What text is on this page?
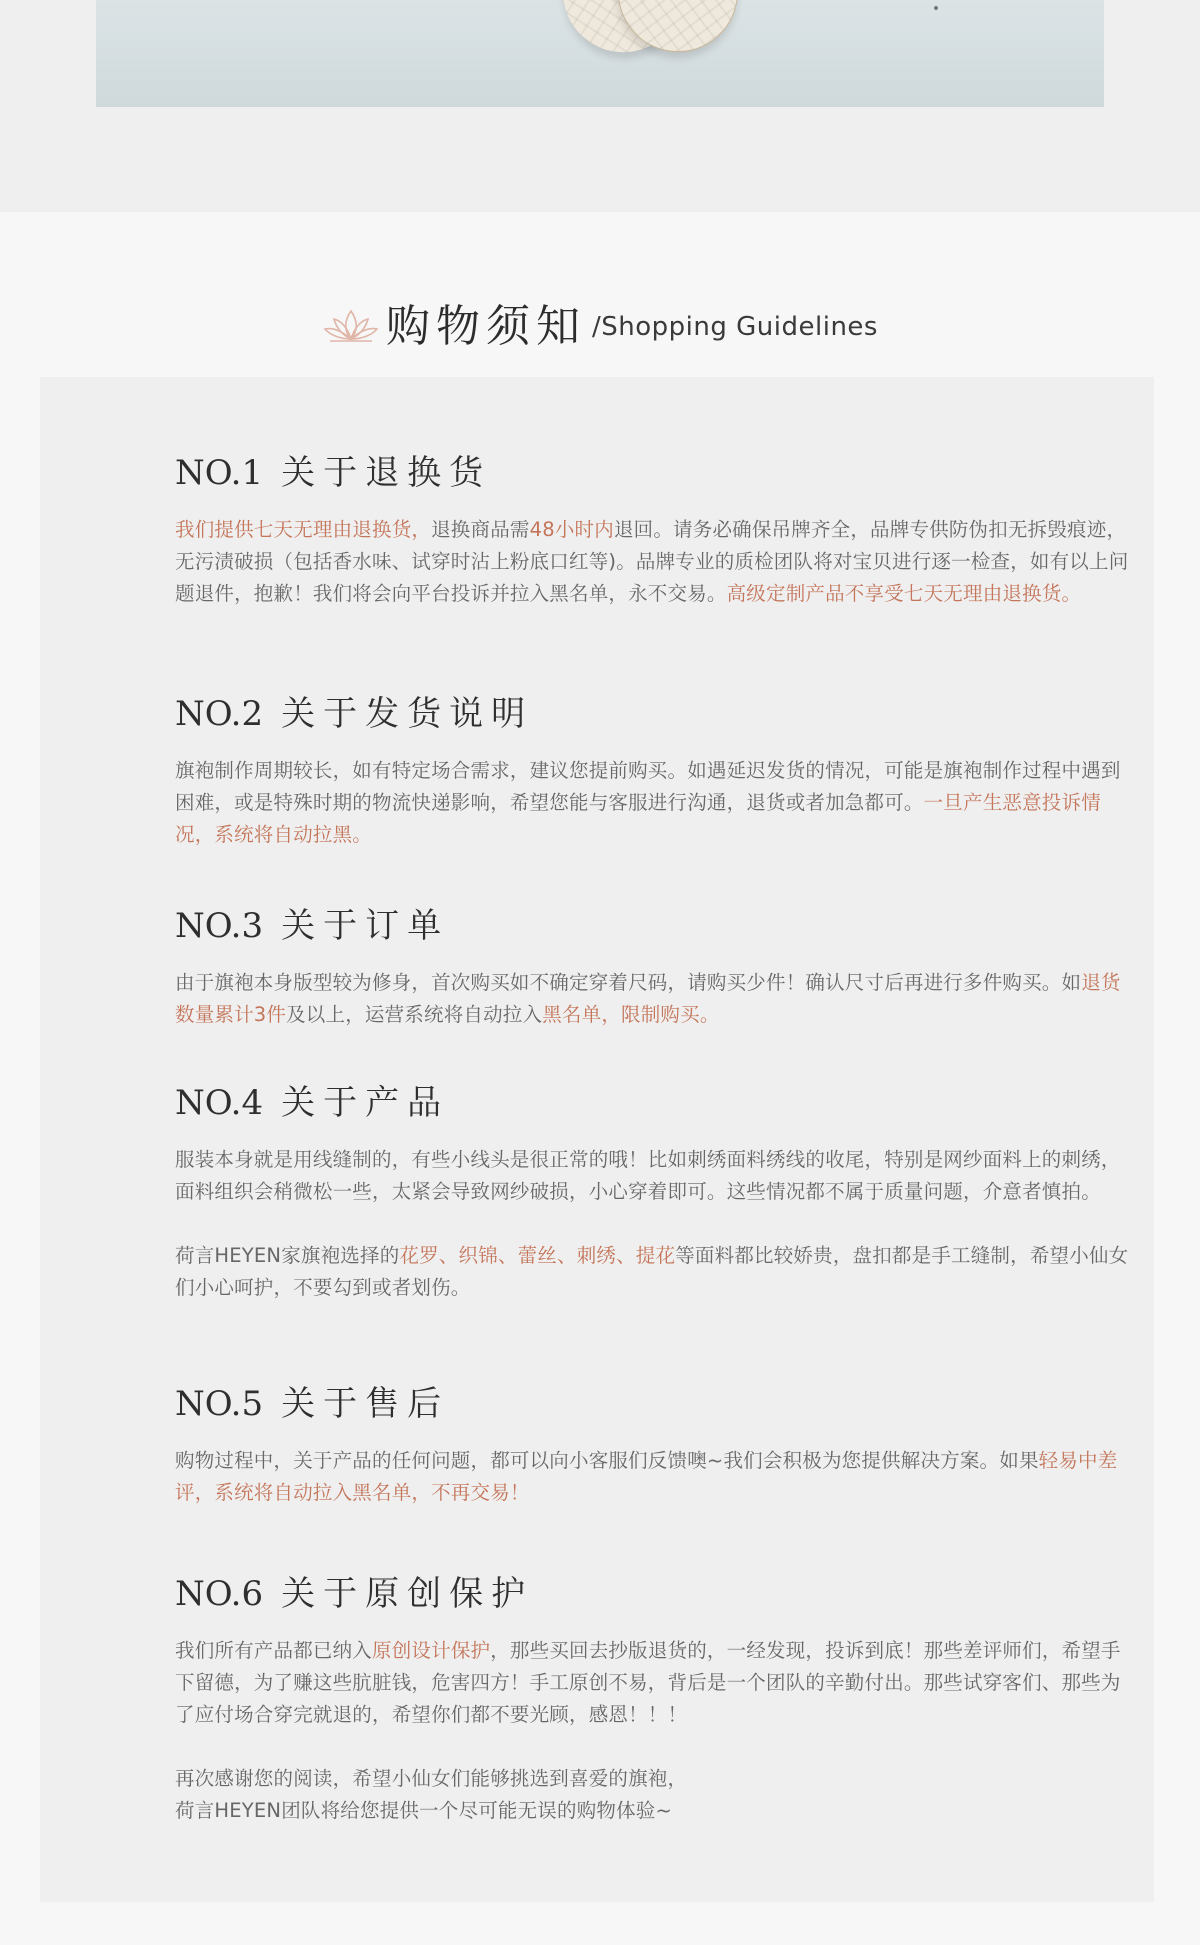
购物须知 /Shopping Guidelines
NO.1 关于退换货

我们提供七天无理由退换货，退换商品需48小时内退回。请务必确保吊牌齐全，品牌专供防伪扣无拆毁痕迹，无污渍破损（包括香水味、试穿时沾上粉底口红等)。品牌专业的质检团队将对宝贝进行逐一检查，如有以上问题退件，抱歉！我们将会向平台投诉并拉入黑名单，永不交易。高级定制产品不享受七天无理由退换货。

NO.2 关于发货说明

旗袍制作周期较长，如有特定场合需求，建议您提前购买。如遇延迟发货的情况，可能是旗袍制作过程中遇到困难，或是特殊时期的物流快递影响，希望您能与客服进行沟通，退货或者加急都可。一旦产生恶意投诉情况，系统将自动拉黑。

NO.3 关于订单

由于旗袍本身版型较为修身，首次购买如不确定穿着尺码，请购买少件！确认尺寸后再进行多件购买。如退货数量累计3件及以上，运营系统将自动拉入黑名单，限制购买。

NO.4 关于产品

服装本身就是用线缝制的，有些小线头是很正常的哦！比如刺绣面料绣线的收尾，特别是网纱面料上的刺绣，面料组织会稍微松一些，太紧会导致网纱破损，小心穿着即可。这些情况都不属于质量问题，介意者慎拍。

荷言HEYEN家旗袍选择的花罗、织锦、蕾丝、刺绣、提花等面料都比较娇贵，盘扣都是手工缝制，希望小仙女们小心呵护，不要勾到或者划伤。

NO.5 关于售后

购物过程中，关于产品的任何问题，都可以向小客服们反馈噢~我们会积极为您提供解决方案。如果轻易中差评，系统将自动拉入黑名单，不再交易！

NO.6 关于原创保护

我们所有产品都已纳入原创设计保护，那些买回去抄版退货的，一经发现，投诉到底！那些差评师们，希望手下留德，为了赚这些肮脏钱，危害四方！手工原创不易，背后是一个团队的辛勤付出。那些试穿客们、那些为了应付场合穿完就退的，希望你们都不要光顾，感恩！！！

再次感谢您的阅读，希望小仙女们能够挑选到喜爱的旗袍，

荷言HEYEN团队将给您提供一个尽可能无误的购物体验~
